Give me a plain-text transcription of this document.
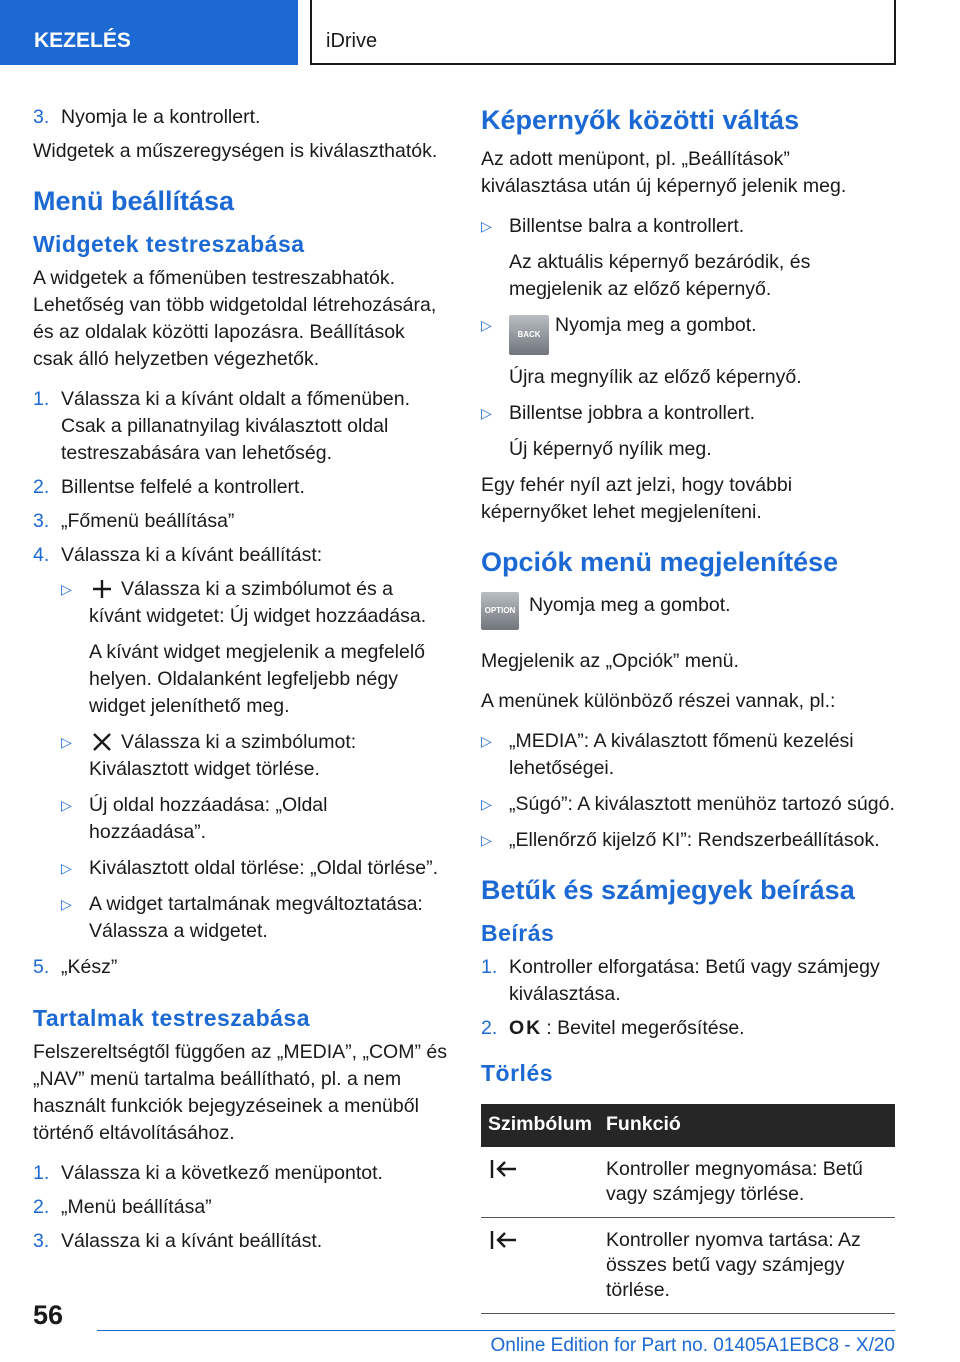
KEZELÉS	iDrive
3. Nyomja le a kontrollert.

Widgetek a műszeregységen is kiválaszthatók.

Menü beállítása
Widgetek testreszabása

A widgetek a főmenüben testreszabhatók. Lehetőség van több widgetoldal létrehozására, és az oldalak közötti lapozásra. Beállítások csak álló helyzetben végezhetők.

1. Válassza ki a kívánt oldalt a főmenüben. Csak a pillanatnyilag kiválasztott oldal testreszabására van lehetőség.
2. Billentse felfelé a kontrollert.
3. „Főmenü beállítása”
4. Válassza ki a kívánt beállítást:
▷	Válassza ki a szimbólumot és a kívánt widgetet: Új widget hozzáadása.
A kívánt widget megjelenik a megfelelő helyen. Oldalanként legfeljebb négy widget jeleníthető meg.
▷	Válassza ki a szimbólumot: Kiválasztott widget törlése.
▷ Új oldal hozzáadása: „Oldal hozzáadása”.
▷ Kiválasztott oldal törlése: „Oldal törlése”.
▷ A widget tartalmának megváltoztatása: Válassza a widgetet.
5. „Kész”
Tartalmak testreszabása

Felszereltségtől függően az „MEDIA”, „COM” és „NAV” menü tartalma beállítható, pl. a nem használt funkciók bejegyzéseinek a menüből történő eltávolításához.

1. Válassza ki a következő menüpontot.
2. „Menü beállítása”
3. Válassza ki a kívánt beállítást.
Képernyők közötti váltás

Az adott menüpont, pl. „Beállítások” kiválasztása után új képernyő jelenik meg.

▷ Billentse balra a kontrollert.
Az aktuális képernyő bezáródik, és megjelenik az előző képernyő.
▷
BACK Nyomja meg a gombot.
Újra megnyílik az előző képernyő.
▷ Billentse jobbra a kontrollert.
Új képernyő nyílik meg.

Egy fehér nyíl azt jelzi, hogy további képernyőket lehet megjeleníteni.

Opciók menü megjelenítése
OPTION Nyomja meg a gombot.

Megjelenik az „Opciók” menü.

A menünek különböző részei vannak, pl.:

▷ „MEDIA”: A kiválasztott főmenü kezelési lehetőségei.
▷ „Súgó”: A kiválasztott menühöz tartozó súgó.
▷ „Ellenőrző kijelző KI”: Rendszerbeállítások.
Betűk és számjegyek beírása
Beírás
1. Kontroller elforgatása: Betű vagy számjegy kiválasztása.
2. OK : Bevitel megerősítése.
Törlés
Szimbólum	Funkció
	Kontroller megnyomása: Betű vagy számjegy törlése.
	Kontroller nyomva tartása: Az összes betű vagy számjegy törlése.
56
Online Edition for Part no. 01405A1EBC8 - X/20
